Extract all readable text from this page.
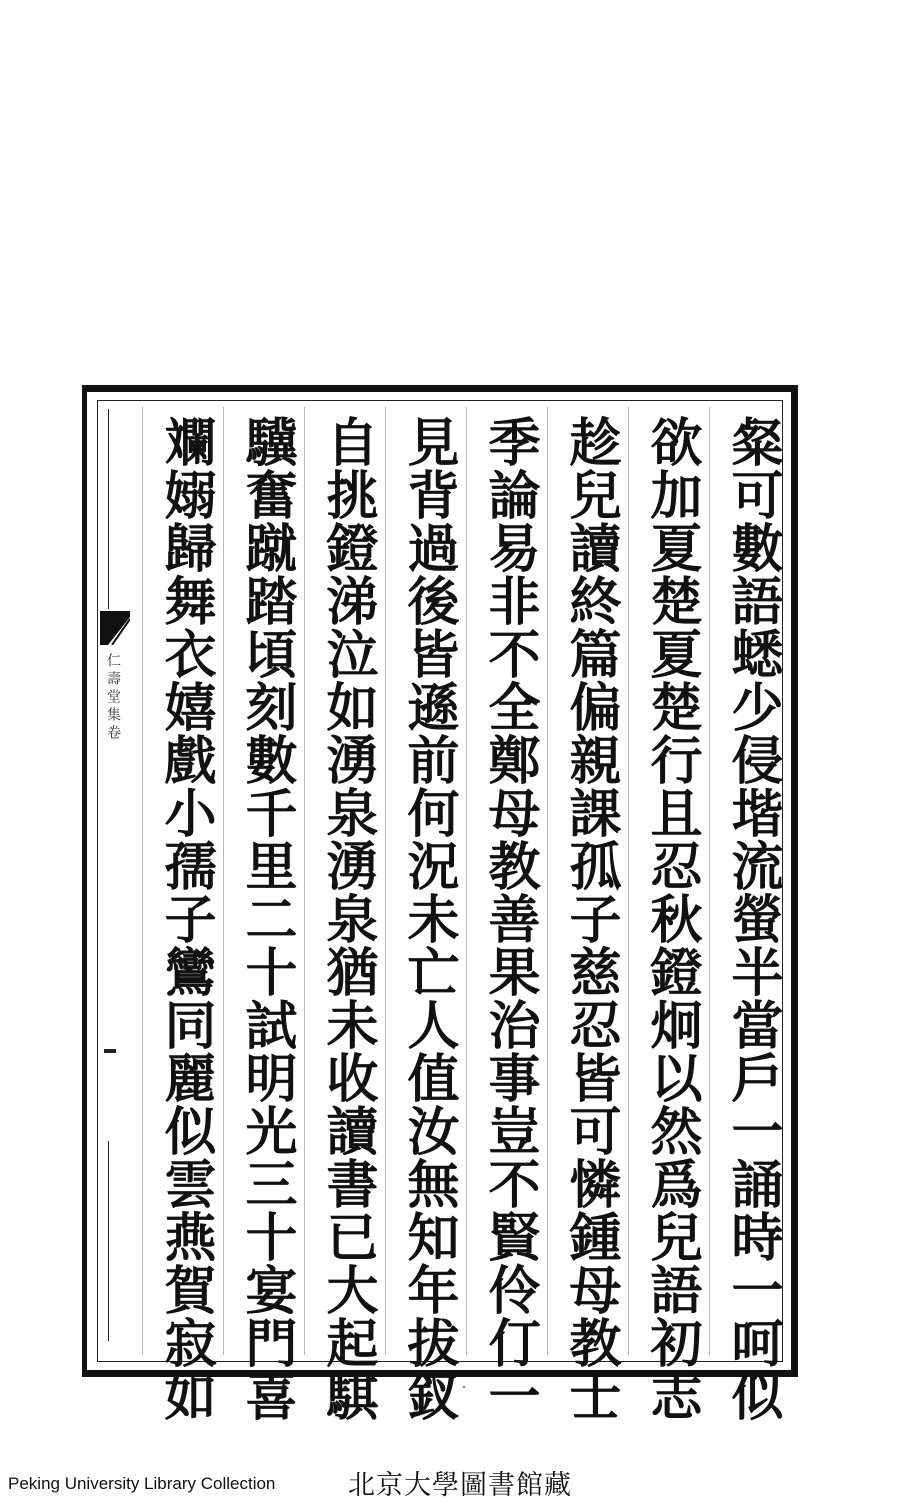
仁壽堂集卷	粲可數語蟋少侵堦流螢半當戶一誦時一呵似
欲加夏楚夏楚行且忍秋鐙炯以然爲兒語初志
趁兒讀終篇偏親課孤子慈忍皆可憐鍾母教士
季論易非不全鄭母教善果治事豈不賢伶仃一
見背過後皆遜前何況未亡人值汝無知年拔釵
自挑鐙涕泣如湧泉湧泉猶未收讀書已大起騏
驥奮蹴踏頃刻數千里二十試明光三十宴門喜
斕嫋歸舞衣嬉戲小孺子鸞同麗似雲燕賀寂如
Peking University Library Collection	北京大學圖書館藏
